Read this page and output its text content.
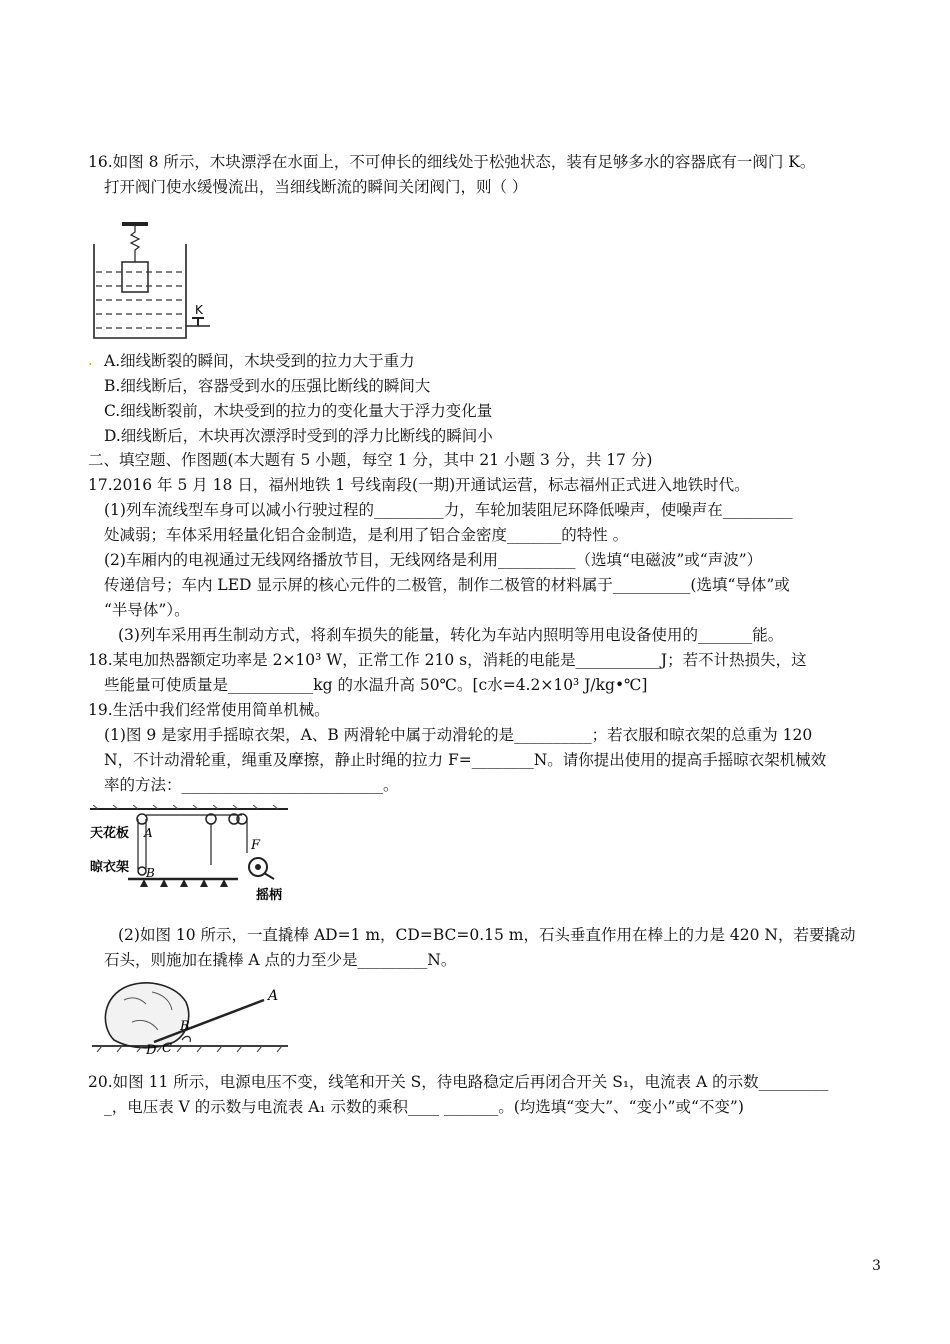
16.如图 8 所示，木块漂浮在水面上，不可伸长的细线处于松弛状态，装有足够多水的容器底有一阀门 K。
打开阀门使水缓慢流出，当细线断流的瞬间关闭阀门，则（ ）
K
. A.细线断裂的瞬间，木块受到的拉力大于重力
B.细线断后，容器受到水的压强比断线的瞬间大
C.细线断裂前，木块受到的拉力的变化量大于浮力变化量
D.细线断后，木块再次漂浮时受到的浮力比断线的瞬间小
二、填空题、作图题(本大题有 5 小题，每空 1 分，其中 21 小题 3 分，共 17 分)
17.2016 年 5 月 18 日，福州地铁 1 号线南段(一期)开通试运营，标志福州正式进入地铁时代。
(1)列车流线型车身可以减小行驶过程的_________力，车轮加装阻尼环降低噪声，使噪声在_________
处减弱；车体采用轻量化铝合金制造，是利用了铝合金密度_______的特性 。
(2)车厢内的电视通过无线网络播放节目，无线网络是利用__________（选填“电磁波”或“声波”）
传递信号；车内 LED 显示屏的核心元件的二极管，制作二极管的材料属于__________(选填“导体”或
“半导体”）。
(3)列车采用再生制动方式，将刹车损失的能量，转化为车站内照明等用电设备使用的_______能。
18.某电加热器额定功率是 2×10³ W，正常工作 210 s，消耗的电能是___________J；若不计热损失，这
些能量可使质量是___________kg 的水温升高 50℃。[c水=4.2×10³ J/kg•℃]
19.生活中我们经常使用简单机械。
(1)图 9 是家用手摇晾衣架，A、B 两滑轮中属于动滑轮的是__________；若衣服和晾衣架的总重为 120
N，不计动滑轮重，绳重及摩擦，静止时绳的拉力 F=________N。请你提出使用的提高手摇晾衣架机械效
率的方法：__________________________。
天花板
晾衣架
A
F
摇柄
B
(2)如图 10 所示，一直撬棒 AD=1 m，CD=BC=0.15 m，石头垂直作用在棒上的力是 420 N，若要撬动
石头，则施加在撬棒 A 点的力至少是_________N。
A
B
C
D
20.如图 11 所示，电源电压不变，线笔和开关 S，待电路稳定后再闭合开关 S₁，电流表 A 的示数_________
_，电压表 V 的示数与电流表 A₁ 示数的乘积____ _______。(均选填“变大”、“变小”或“不变”)
3
